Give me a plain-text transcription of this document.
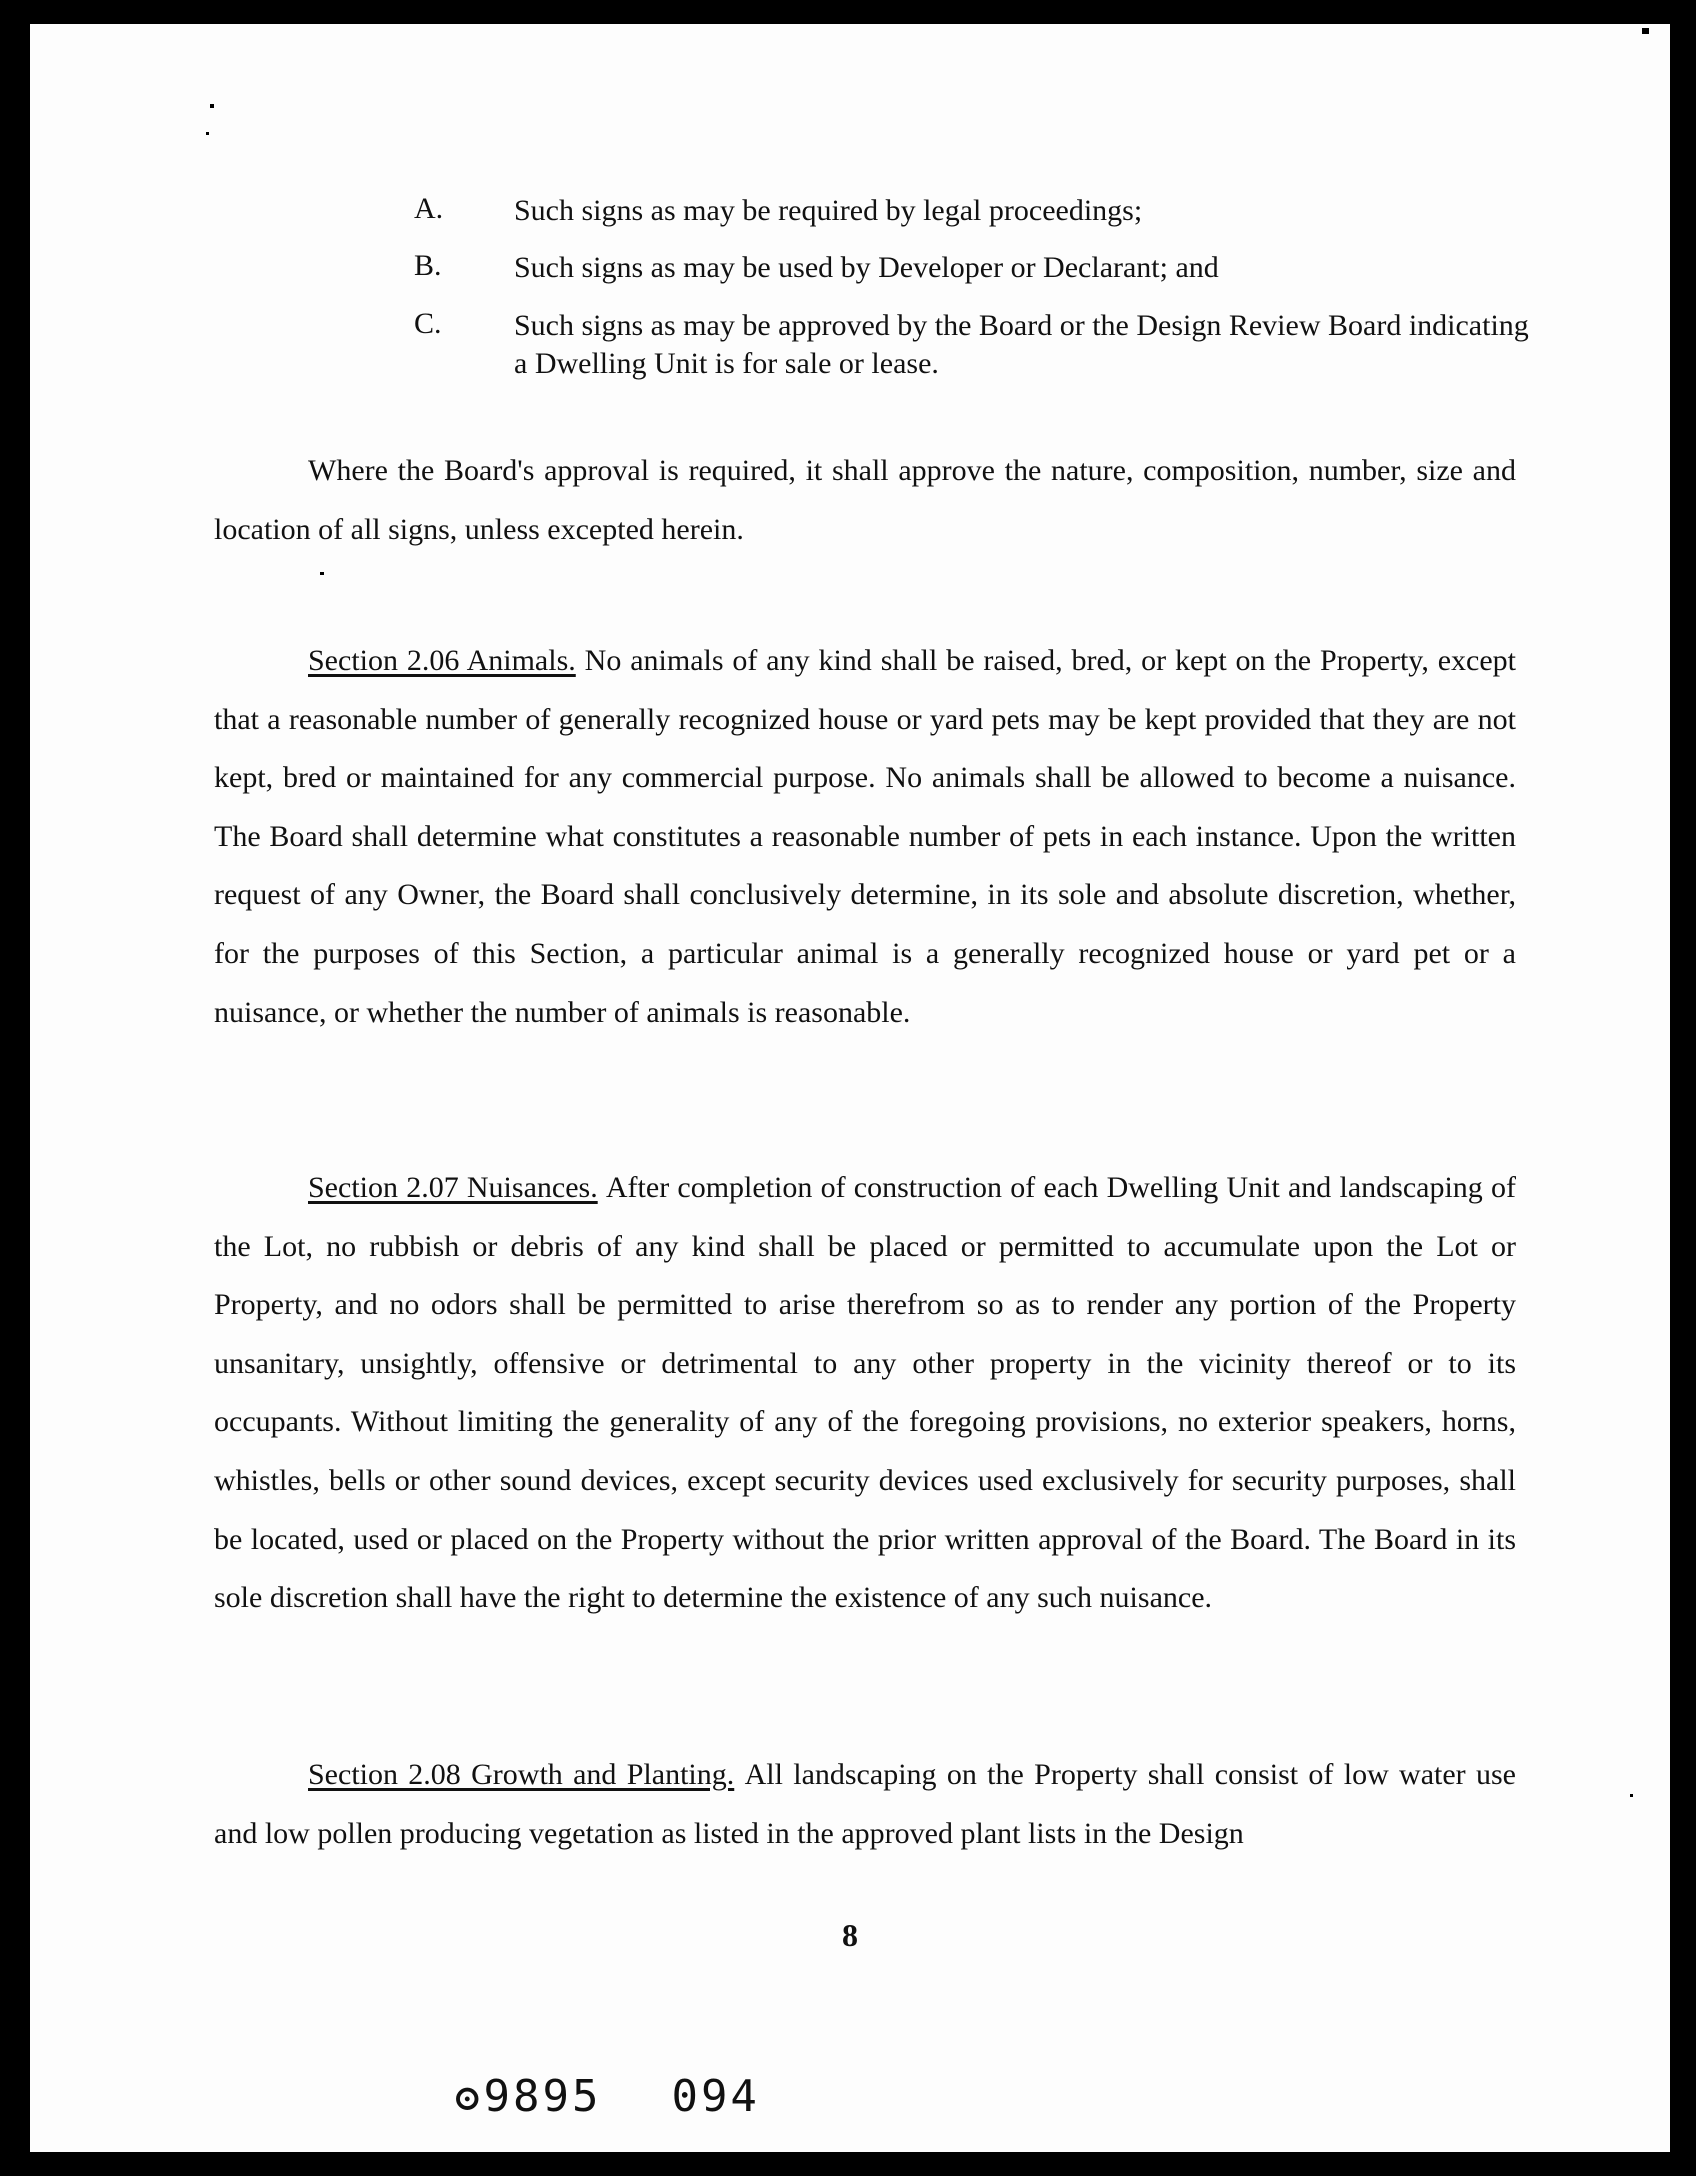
A. Such signs as may be required by legal proceedings;
B. Such signs as may be used by Developer or Declarant; and
C. Such signs as may be approved by the Board or the Design Review Board indicating a Dwelling Unit is for sale or lease.

Where the Board's approval is required, it shall approve the nature, composition, number, size and location of all signs, unless excepted herein.

Section 2.06 Animals. No animals of any kind shall be raised, bred, or kept on the Property, except that a reasonable number of generally recognized house or yard pets may be kept provided that they are not kept, bred or maintained for any commercial purpose. No animals shall be allowed to become a nuisance. The Board shall determine what constitutes a reasonable number of pets in each instance. Upon the written request of any Owner, the Board shall conclusively determine, in its sole and absolute discretion, whether, for the purposes of this Section, a particular animal is a generally recognized house or yard pet or a nuisance, or whether the number of animals is reasonable.

Section 2.07 Nuisances. After completion of construction of each Dwelling Unit and landscaping of the Lot, no rubbish or debris of any kind shall be placed or permitted to accumulate upon the Lot or Property, and no odors shall be permitted to arise therefrom so as to render any portion of the Property unsanitary, unsightly, offensive or detrimental to any other property in the vicinity thereof or to its occupants. Without limiting the generality of any of the foregoing provisions, no exterior speakers, horns, whistles, bells or other sound devices, except security devices used exclusively for security purposes, shall be located, used or placed on the Property without the prior written approval of the Board. The Board in its sole discretion shall have the right to determine the existence of any such nuisance.

Section 2.08 Growth and Planting. All landscaping on the Property shall consist of low water use and low pollen producing vegetation as listed in the approved plant lists in the Design

8
ʘ9895 094
